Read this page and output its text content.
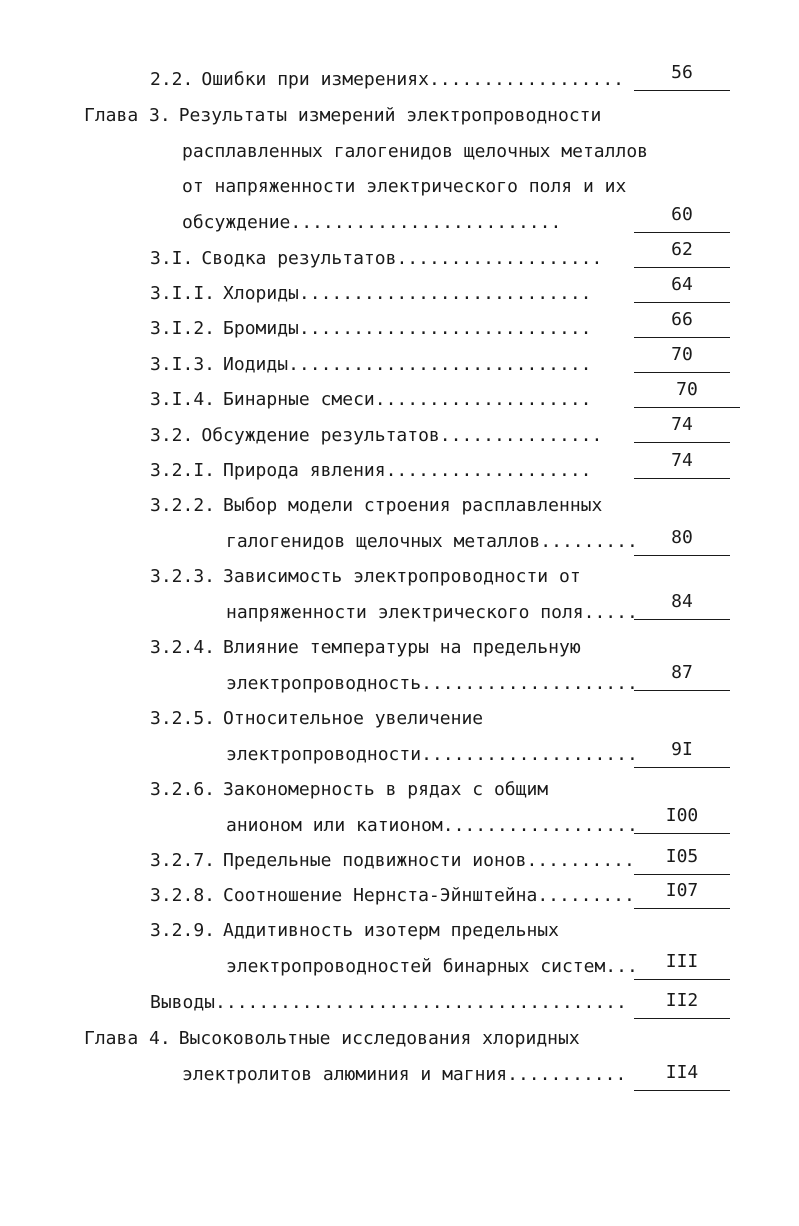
2.2. Ошибки при измерениях..................
Глава 3. Результаты измерений электропроводности
расплавленных галогенидов щелочных металлов
от напряженности электрического поля и их
обсуждение.........................
3.I. Сводка результатов...................
3.I.I. Хлориды...........................
3.I.2. Бромиды...........................
3.I.3. Иодиды............................
3.I.4. Бинарные смеси....................
3.2. Обсуждение результатов...............
3.2.I. Природа явления...................
3.2.2. Выбор модели строения расплавленных
галогенидов щелочных металлов.........
3.2.3. Зависимость электропроводности от
напряженности электрического поля.....
3.2.4. Влияние температуры на предельную
электропроводность....................
3.2.5. Относительное увеличение
электропроводности....................
3.2.6. Закономерность в рядах с общим
анионом или катионом..................
3.2.7. Предельные подвижности ионов..........
3.2.8. Соотношение Нернста-Эйнштейна.........
3.2.9. Аддитивность изотерм предельных
электропроводностей бинарных систем...
Выводы......................................
Глава 4. Высоковольтные исследования хлоридных
электролитов алюминия и магния...........
56
60
62
64
66
70
70
74
74
80
84
87
9I
I00
I05
I07
III
II2
II4
